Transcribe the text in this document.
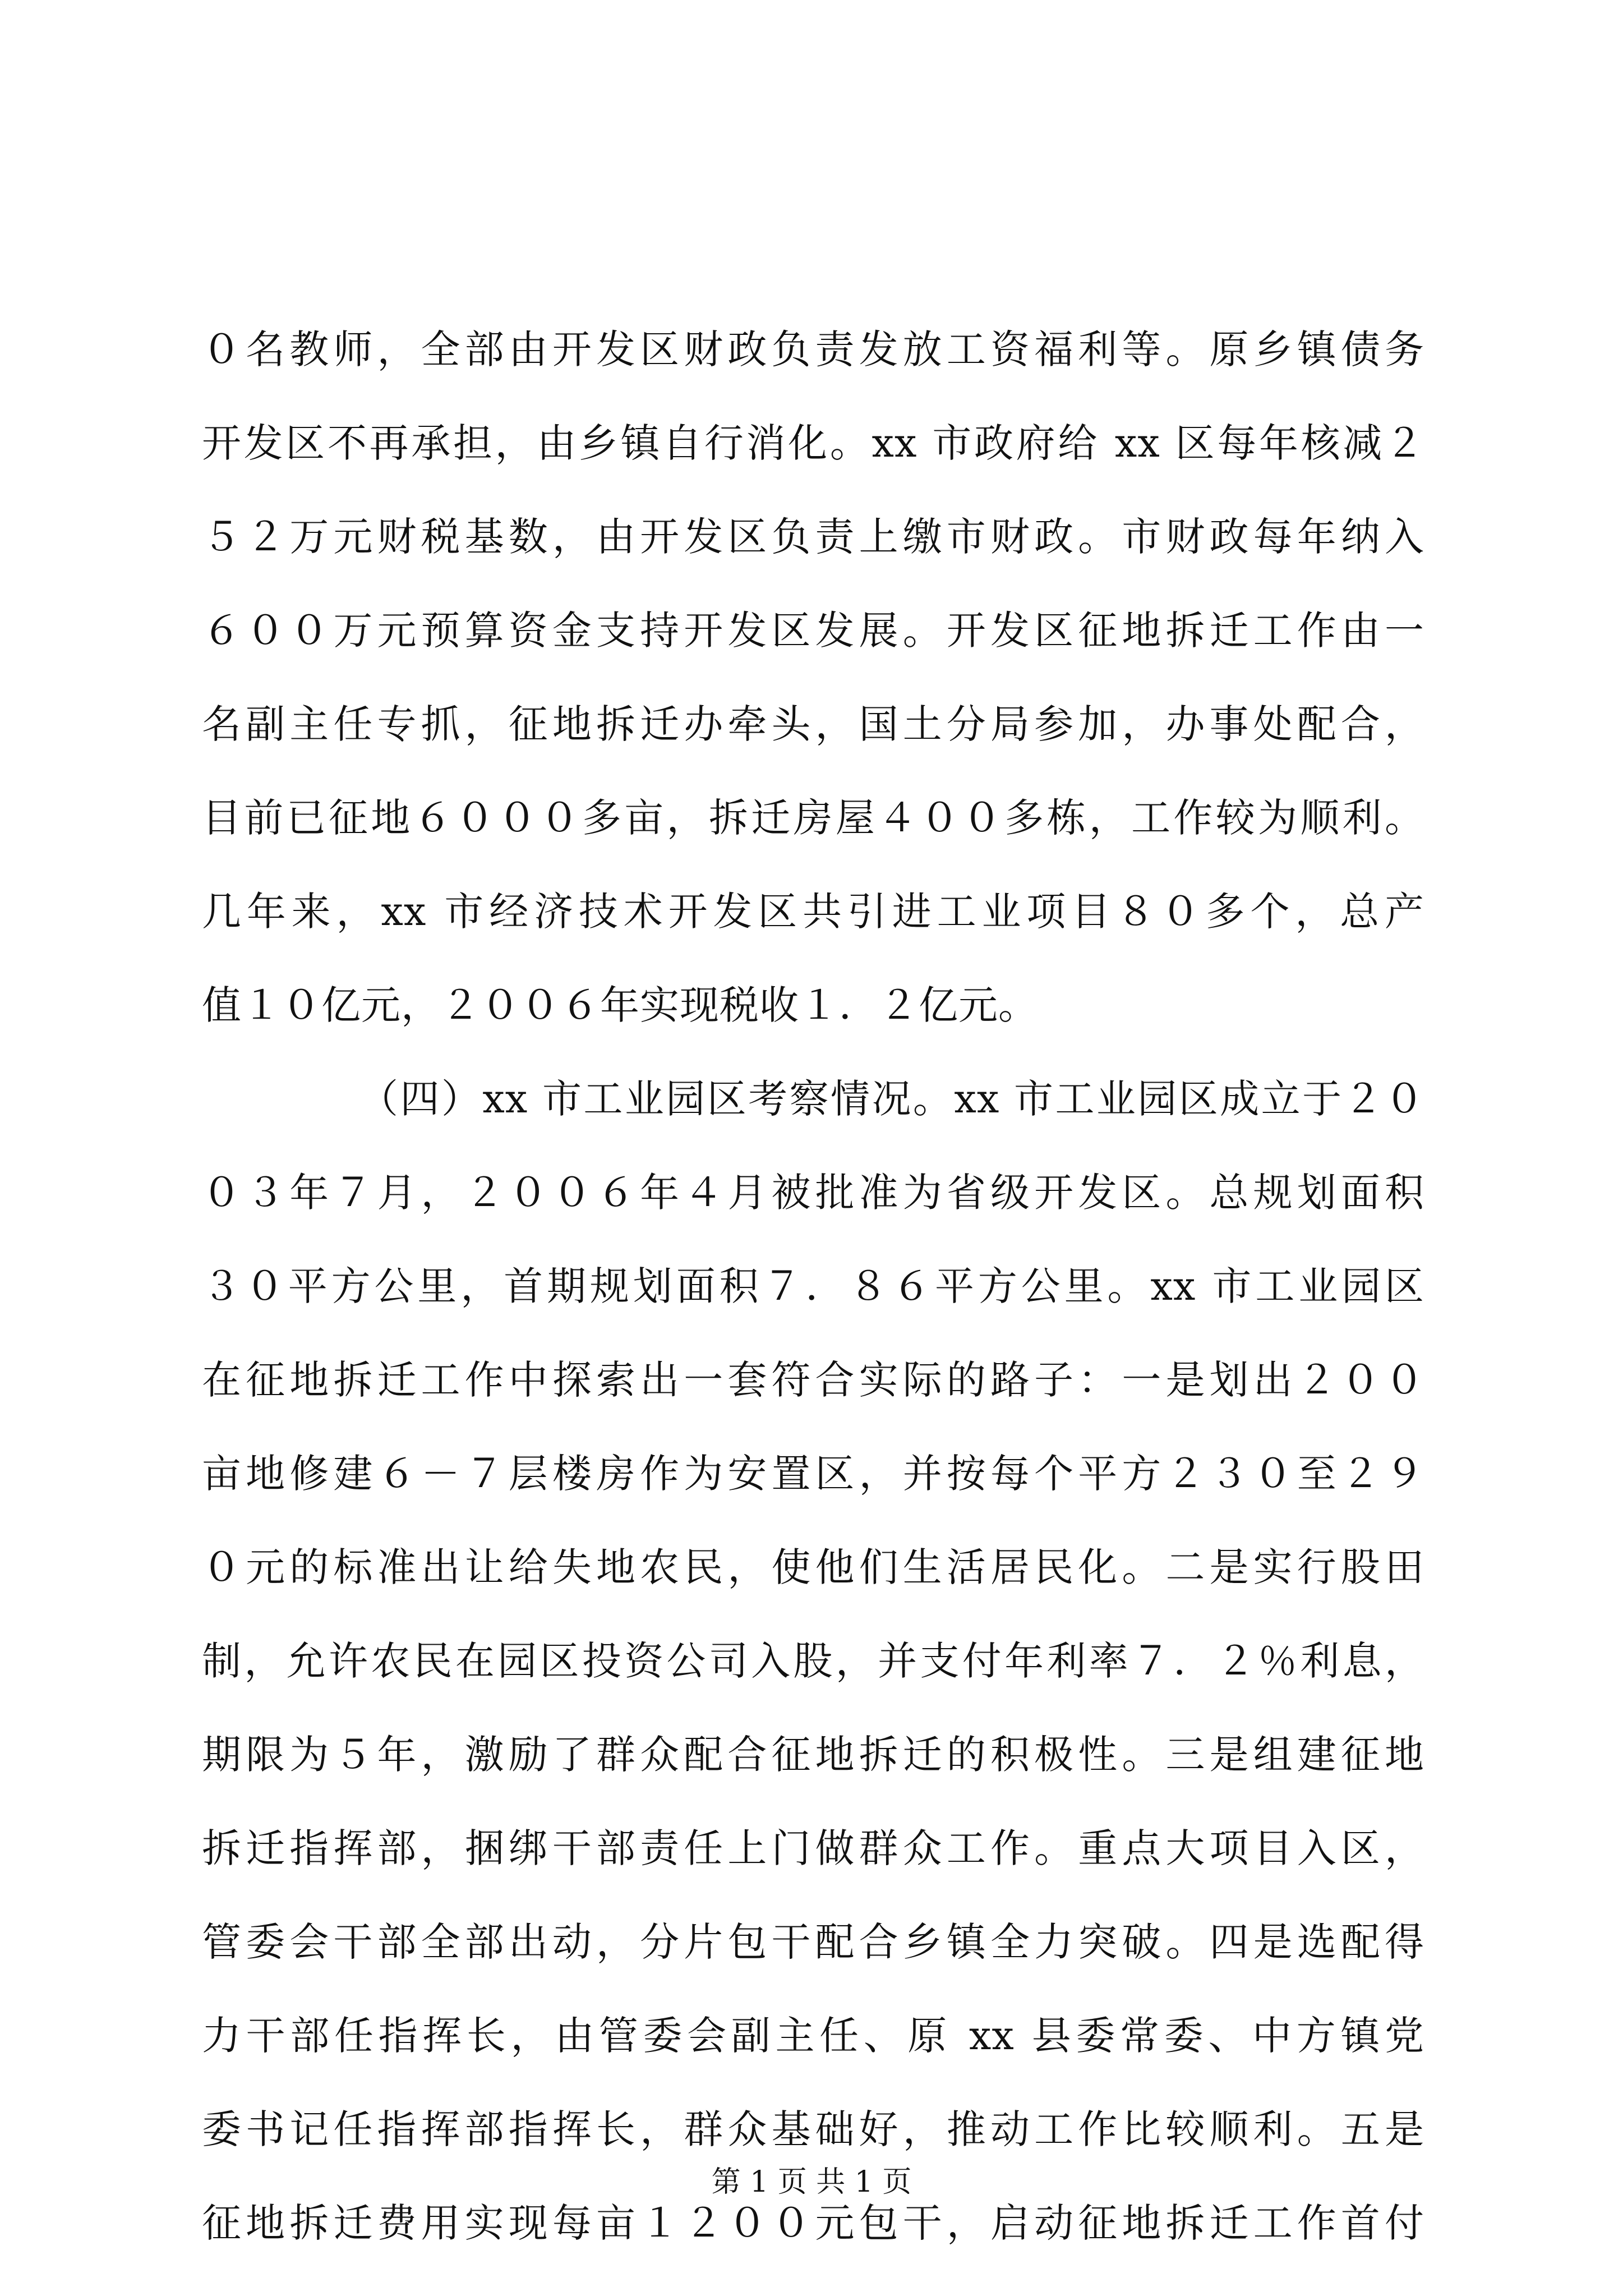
０名教师，全部由开发区财政负责发放工资福利等。原乡镇债务
开发区不再承担，由乡镇自行消化。xx 市政府给 xx 区每年核减２
５２万元财税基数，由开发区负责上缴市财政。市财政每年纳入
６００万元预算资金支持开发区发展。开发区征地拆迁工作由一
名副主任专抓，征地拆迁办牵头，国土分局参加，办事处配合，
目前已征地６０００多亩，拆迁房屋４００多栋，工作较为顺利。
几年来，xx 市经济技术开发区共引进工业项目８０多个，总产
值１０亿元，２００６年实现税收１．２亿元。
（四）xx 市工业园区考察情况。xx 市工业园区成立于２０
０３年７月，２００６年４月被批准为省级开发区。总规划面积
３０平方公里，首期规划面积７．８６平方公里。xx 市工业园区
在征地拆迁工作中探索出一套符合实际的路子：一是划出２００
亩地修建６－７层楼房作为安置区，并按每个平方２３０至２９
０元的标准出让给失地农民，使他们生活居民化。二是实行股田
制，允许农民在园区投资公司入股，并支付年利率７．２％利息，
期限为５年，激励了群众配合征地拆迁的积极性。三是组建征地
拆迁指挥部，捆绑干部责任上门做群众工作。重点大项目入区，
管委会干部全部出动，分片包干配合乡镇全力突破。四是选配得
力干部任指挥长，由管委会副主任、原 xx 县委常委、中方镇党
委书记任指挥部指挥长，群众基础好，推动工作比较顺利。五是
征地拆迁费用实现每亩１２００元包干，启动征地拆迁工作首付
第 1 页 共 1 页
